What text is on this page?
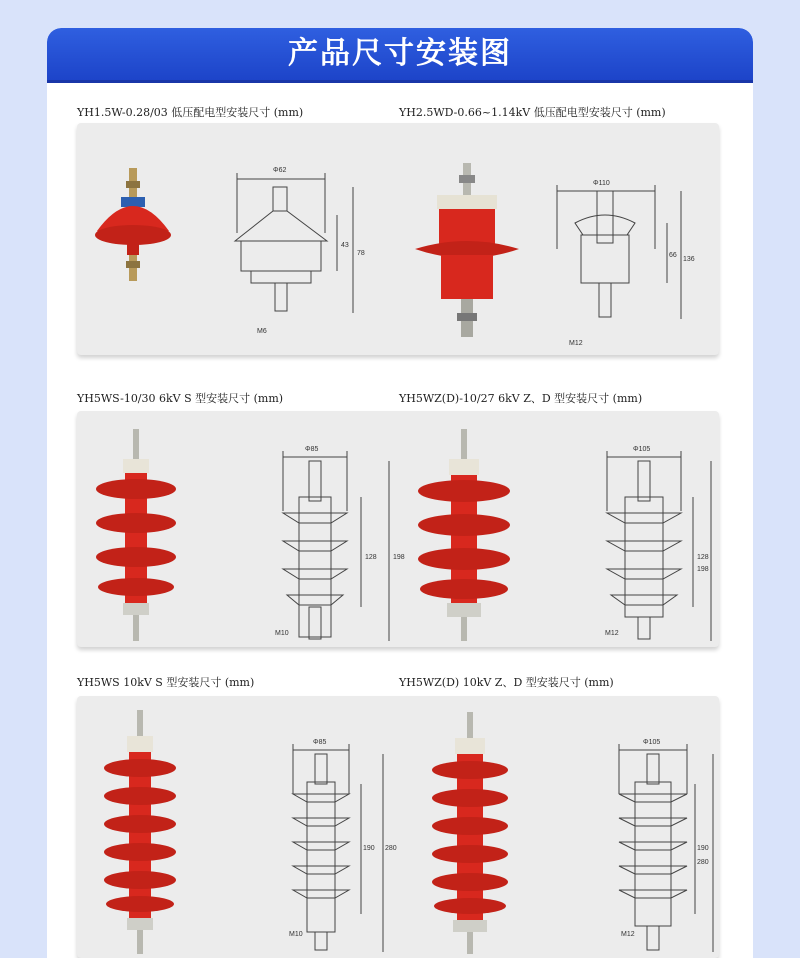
产品尺寸安装图
YH1.5W-0.28/03 低压配电型安装尺寸 (mm)	YH2.5WD-0.66~1.14kV 低压配电型安装尺寸 (mm)
YH5WS-10/30 6kV S 型安装尺寸 (mm)	YH5WZ(D)-10/27 6kV Z、D 型安装尺寸 (mm)
YH5WS 10kV S 型安装尺寸 (mm)	YH5WZ(D) 10kV Z、D 型安装尺寸 (mm)
Φ62
43
78
M6
Φ110
66
136
M12
Φ85
128 198
M10
Φ105
128
198
M12
Φ85
190 280
M10
Φ105
190
280
M12
